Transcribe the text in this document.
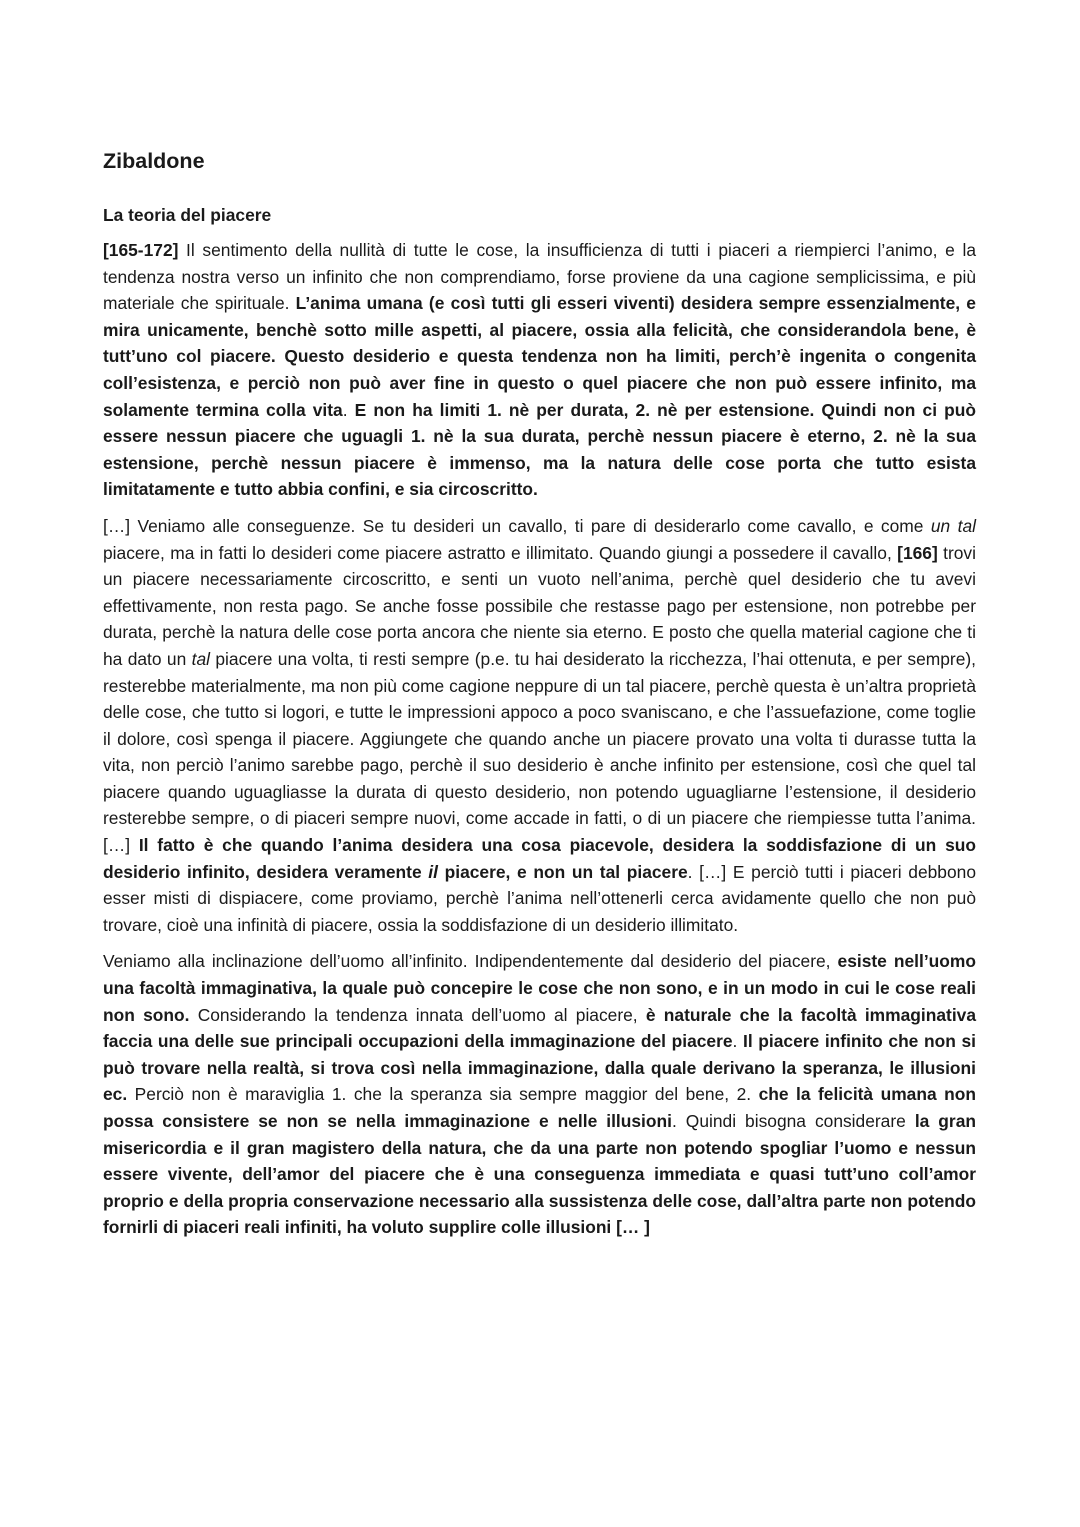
Zibaldone
La teoria del piacere

[165-172] Il sentimento della nullità di tutte le cose, la insufficienza di tutti i piaceri a riempierci l’animo, e la tendenza nostra verso un infinito che non comprendiamo, forse proviene da una cagione semplicissima, e più materiale che spirituale. L’anima umana (e così tutti gli esseri viventi) desidera sempre essenzialmente, e mira unicamente, benchè sotto mille aspetti, al piacere, ossia alla felicità, che considerandola bene, è tutt’uno col piacere. Questo desiderio e questa tendenza non ha limiti, perch’è ingenita o congenita coll’esistenza, e perciò non può aver fine in questo o quel piacere che non può essere infinito, ma solamente termina colla vita. E non ha limiti 1. nè per durata, 2. nè per estensione. Quindi non ci può essere nessun piacere che uguagli 1. nè la sua durata, perchè nessun piacere è eterno, 2. nè la sua estensione, perchè nessun piacere è immenso, ma la natura delle cose porta che tutto esista limitatamente e tutto abbia confini, e sia circoscritto.

[…] Veniamo alle conseguenze. Se tu desideri un cavallo, ti pare di desiderarlo come cavallo, e come un tal piacere, ma in fatti lo desideri come piacere astratto e illimitato. Quando giungi a possedere il cavallo, [166] trovi un piacere necessariamente circoscritto, e senti un vuoto nell’anima, perchè quel desiderio che tu avevi effettivamente, non resta pago. Se anche fosse possibile che restasse pago per estensione, non potrebbe per durata, perchè la natura delle cose porta ancora che niente sia eterno. E posto che quella material cagione che ti ha dato un tal piacere una volta, ti resti sempre (p.e. tu hai desiderato la ricchezza, l’hai ottenuta, e per sempre), resterebbe materialmente, ma non più come cagione neppure di un tal piacere, perchè questa è un’altra proprietà delle cose, che tutto si logori, e tutte le impressioni appoco a poco svaniscano, e che l’assuefazione, come toglie il dolore, così spenga il piacere. Aggiungete che quando anche un piacere provato una volta ti durasse tutta la vita, non perciò l’animo sarebbe pago, perchè il suo desiderio è anche infinito per estensione, così che quel tal piacere quando uguagliasse la durata di questo desiderio, non potendo uguagliarne l’estensione, il desiderio resterebbe sempre, o di piaceri sempre nuovi, come accade in fatti, o di un piacere che riempiesse tutta l’anima.[…] Il fatto è che quando l’anima desidera una cosa piacevole, desidera la soddisfazione di un suo desiderio infinito, desidera veramente il piacere, e non un tal piacere. […] E perciò tutti i piaceri debbono esser misti di dispiacere, come proviamo, perchè l’anima nell’ottenerli cerca avidamente quello che non può trovare, cioè una infinità di piacere, ossia la soddisfazione di un desiderio illimitato.

Veniamo alla inclinazione dell’uomo all’infinito. Indipendentemente dal desiderio del piacere, esiste nell’uomo una facoltà immaginativa, la quale può concepire le cose che non sono, e in un modo in cui le cose reali non sono. Considerando la tendenza innata dell’uomo al piacere, è naturale che la facoltà immaginativa faccia una delle sue principali occupazioni della immaginazione del piacere. Il piacere infinito che non si può trovare nella realtà, si trova così nella immaginazione, dalla quale derivano la speranza, le illusioni ec. Perciò non è maraviglia 1. che la speranza sia sempre maggior del bene, 2. che la felicità umana non possa consistere se non se nella immaginazione e nelle illusioni. Quindi bisogna considerare la gran misericordia e il gran magistero della natura, che da una parte non potendo spogliar l’uomo e nessun essere vivente, dell’amor del piacere che è una conseguenza immediata e quasi tutt’uno coll’amor proprio e della propria conservazione necessario alla sussistenza delle cose, dall’altra parte non potendo fornirli di piaceri reali infiniti, ha voluto supplire colle illusioni [… ]
